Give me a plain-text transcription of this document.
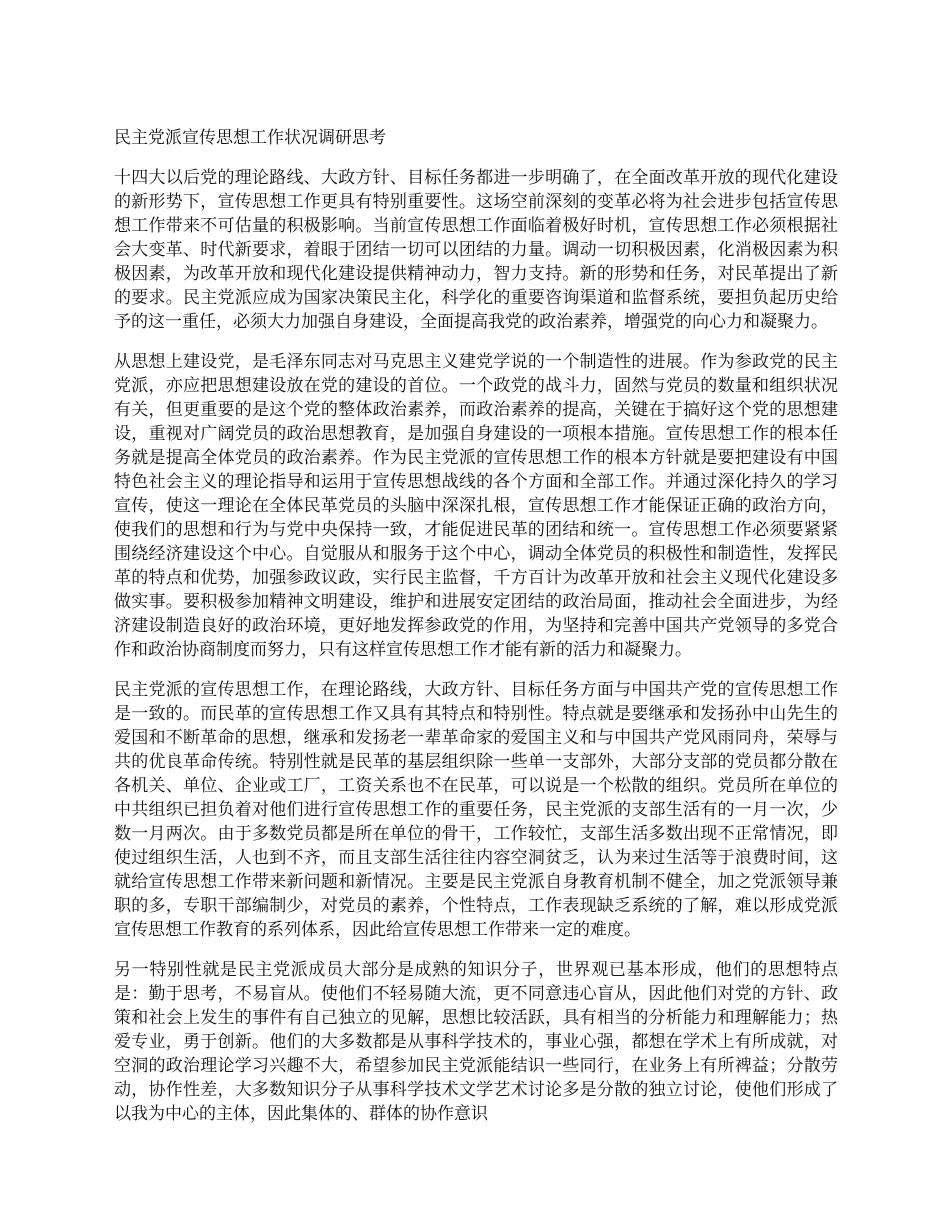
民主党派宣传思想工作状况调研思考

十四大以后党的理论路线、大政方针、目标任务都进一步明确了，在全面改革开放的现代化建设的新形势下，宣传思想工作更具有特别重要性。这场空前深刻的变革必将为社会进步包括宣传思想工作带来不可估量的积极影响。当前宣传思想工作面临着极好时机，宣传思想工作必须根据社会大变革、时代新要求，着眼于团结一切可以团结的力量。调动一切积极因素，化消极因素为积极因素，为改革开放和现代化建设提供精神动力，智力支持。新的形势和任务，对民革提出了新的要求。民主党派应成为国家决策民主化，科学化的重要咨询渠道和监督系统，要担负起历史给予的这一重任，必须大力加强自身建设，全面提高我党的政治素养，增强党的向心力和凝聚力。

从思想上建设党，是毛泽东同志对马克思主义建党学说的一个制造性的进展。作为参政党的民主党派，亦应把思想建设放在党的建设的首位。一个政党的战斗力，固然与党员的数量和组织状况有关，但更重要的是这个党的整体政治素养，而政治素养的提高，关键在于搞好这个党的思想建设，重视对广阔党员的政治思想教育，是加强自身建设的一项根本措施。宣传思想工作的根本任务就是提高全体党员的政治素养。作为民主党派的宣传思想工作的根本方针就是要把建设有中国特色社会主义的理论指导和运用于宣传思想战线的各个方面和全部工作。并通过深化持久的学习宣传，使这一理论在全体民革党员的头脑中深深扎根，宣传思想工作才能保证正确的政治方向，使我们的思想和行为与党中央保持一致，才能促进民革的团结和统一。宣传思想工作必须要紧紧围绕经济建设这个中心。自觉服从和服务于这个中心，调动全体党员的积极性和制造性，发挥民革的特点和优势，加强参政议政，实行民主监督，千方百计为改革开放和社会主义现代化建设多做实事。要积极参加精神文明建设，维护和进展安定团结的政治局面，推动社会全面进步，为经济建设制造良好的政治环境，更好地发挥参政党的作用，为坚持和完善中国共产党领导的多党合作和政治协商制度而努力，只有这样宣传思想工作才能有新的活力和凝聚力。

民主党派的宣传思想工作，在理论路线，大政方针、目标任务方面与中国共产党的宣传思想工作是一致的。而民革的宣传思想工作又具有其特点和特别性。特点就是要继承和发扬孙中山先生的爱国和不断革命的思想，继承和发扬老一辈革命家的爱国主义和与中国共产党风雨同舟，荣辱与共的优良革命传统。特别性就是民革的基层组织除一些单一支部外，大部分支部的党员都分散在各机关、单位、企业或工厂，工资关系也不在民革，可以说是一个松散的组织。党员所在单位的中共组织已担负着对他们进行宣传思想工作的重要任务，民主党派的支部生活有的一月一次，少数一月两次。由于多数党员都是所在单位的骨干，工作较忙，支部生活多数出现不正常情况，即使过组织生活，人也到不齐，而且支部生活往往内容空洞贫乏，认为来过生活等于浪费时间，这就给宣传思想工作带来新问题和新情况。主要是民主党派自身教育机制不健全，加之党派领导兼职的多，专职干部编制少，对党员的素养，个性特点，工作表现缺乏系统的了解，难以形成党派宣传思想工作教育的系列体系，因此给宣传思想工作带来一定的难度。

另一特别性就是民主党派成员大部分是成熟的知识分子，世界观已基本形成，他们的思想特点是：勤于思考，不易盲从。使他们不轻易随大流，更不同意违心盲从，因此他们对党的方针、政策和社会上发生的事件有自己独立的见解，思想比较活跃，具有相当的分析能力和理解能力；热爱专业，勇于创新。他们的大多数都是从事科学技术的，事业心强，都想在学术上有所成就，对空洞的政治理论学习兴趣不大，希望参加民主党派能结识一些同行，在业务上有所裨益；分散劳动，协作性差，大多数知识分子从事科学技术文学艺术讨论多是分散的独立讨论，使他们形成了以我为中心的主体，因此集体的、群体的协作意识
